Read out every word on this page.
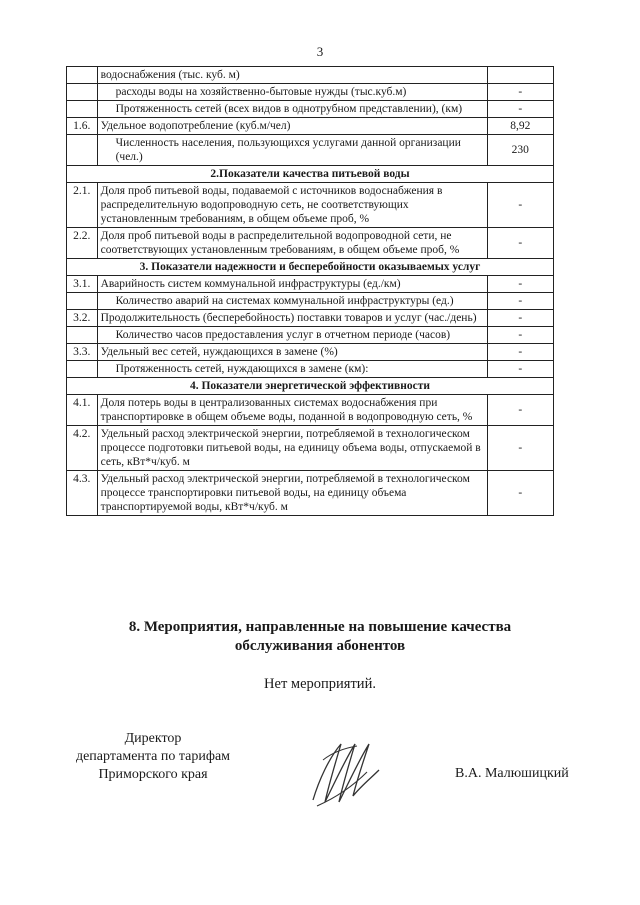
3
	водоснабжения (тыс. куб. м)	
	расходы воды на хозяйственно-бытовые нужды (тыс.куб.м)	-
	Протяженность сетей (всех видов в однотрубном представлении), (км)	-
1.6.	Удельное водопотребление (куб.м/чел)	8,92
	Численность населения, пользующихся услугами данной организации (чел.)	230
2.Показатели качества питьевой воды		
2.1.	Доля проб питьевой воды, подаваемой с источников водоснабжения в распределительную водопроводную сеть, не соответствующих установленным требованиям, в общем объеме проб, %	-
2.2.	Доля проб питьевой воды в распределительной водопроводной сети, не соответствующих установленным требованиям, в общем объеме проб, %	-
3. Показатели надежности и бесперебойности оказываемых услуг		
3.1.	Аварийность систем коммунальной инфраструктуры (ед./км)	-
	Количество аварий на системах коммунальной инфраструктуры (ед.)	-
3.2.	Продолжительность (бесперебойность) поставки товаров и услуг (час./день)	-
	Количество часов предоставления услуг в отчетном периоде (часов)	-
3.3.	Удельный вес сетей, нуждающихся в замене (%)	-
	Протяженность сетей, нуждающихся в замене (км):	-
4. Показатели энергетической эффективности		
4.1.	Доля потерь воды в централизованных системах водоснабжения при транспортировке в общем объеме воды, поданной в водопроводную сеть, %	-
4.2.	Удельный расход электрической энергии, потребляемой в технологическом процессе подготовки питьевой воды, на единицу объема воды, отпускаемой в сеть, кВт*ч/куб. м	-
4.3.	Удельный расход электрической энергии, потребляемой в технологическом процессе транспортировки питьевой воды, на единицу объема транспортируемой воды, кВт*ч/куб. м	-
8. Мероприятия, направленные на повышение качества
обслуживания абонентов
Нет мероприятий.
Директор
департамента по тарифам
Приморского края	В.А. Малюшицкий
